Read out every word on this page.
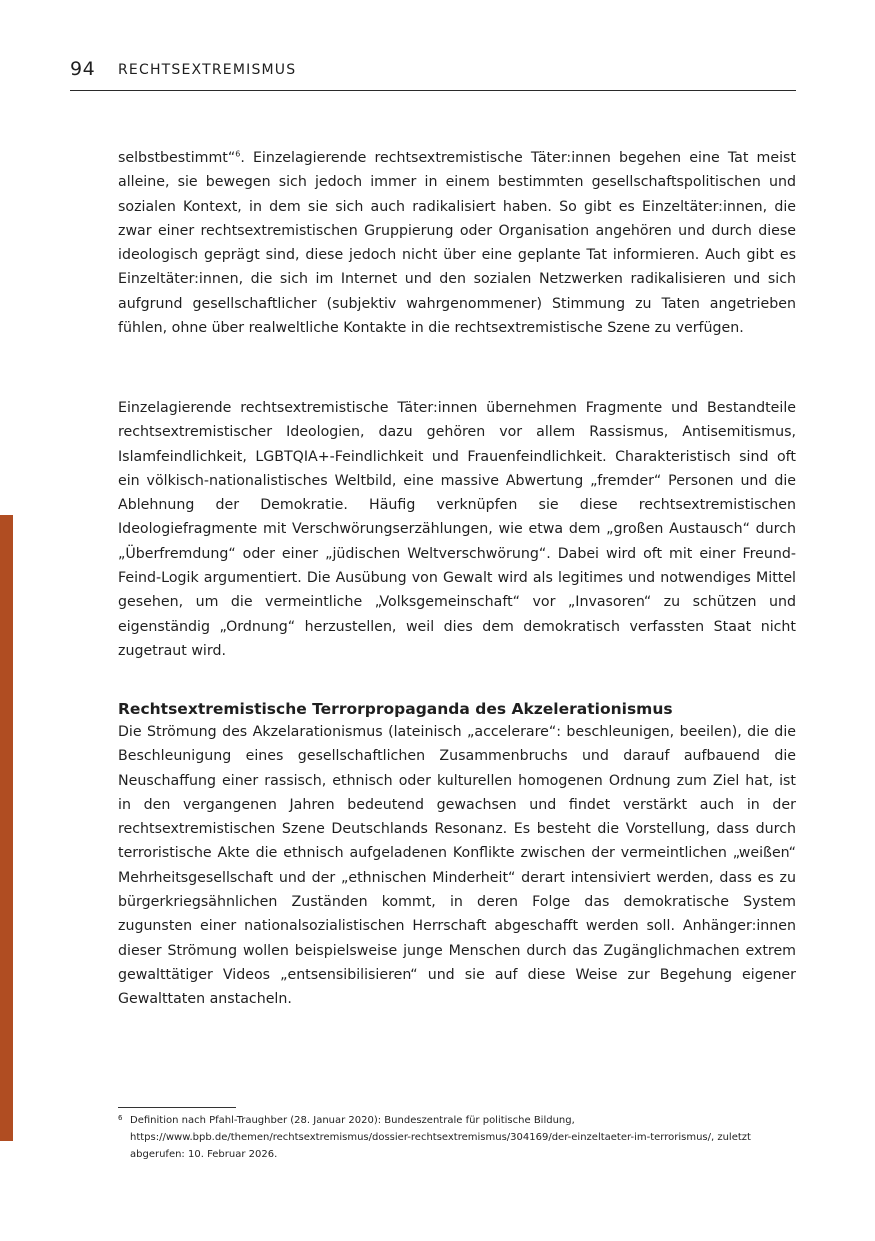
94 RECHTSEXTREMISMUS
selbstbestimmt“$^6$. Einzelagierende rechtsextremistische Täter:innen begehen eine Tat meist alleine, sie bewegen sich jedoch immer in einem bestimmten gesellschaftspolitischen und sozialen Kontext, in dem sie sich auch radikalisiert haben. So gibt es Einzeltäter:innen, die zwar einer rechtsextremistischen Gruppierung oder Organisation angehören und durch diese ideologisch geprägt sind, diese jedoch nicht über eine geplante Tat informieren. Auch gibt es Einzeltäter:innen, die sich im Internet und den sozialen Netzwerken radikalisieren und sich aufgrund gesellschaftlicher (subjektiv wahrgenommener) Stimmung zu Taten angetrieben fühlen, ohne über realweltliche Kontakte in die rechtsextremistische Szene zu verfügen.
Einzelagierende rechtsextremistische Täter:innen übernehmen Fragmente und Bestandteile rechtsextremistischer Ideologien, dazu gehören vor allem Rassismus, Antisemitismus, Islamfeindlichkeit, LGBTQIA+-Feindlichkeit und Frauenfeindlichkeit. Charakteristisch sind oft ein völkisch-nationalistisches Weltbild, eine massive Abwertung „fremder“ Personen und die Ablehnung der Demokratie. Häufig verknüpfen sie diese rechtsextremistischen Ideologiefragmente mit Verschwörungserzählungen, wie etwa dem „großen Austausch“ durch „Überfremdung“ oder einer „jüdischen Weltverschwörung“. Dabei wird oft mit einer Freund-Feind-Logik argumentiert. Die Ausübung von Gewalt wird als legitimes und notwendiges Mittel gesehen, um die vermeintliche „Volksgemeinschaft“ vor „Invasoren“ zu schützen und eigenständig „Ordnung“ herzustellen, weil dies dem demokratisch verfassten Staat nicht zugetraut wird.
Rechtsextremistische Terrorpropaganda des Akzelerationismus
Die Strömung des Akzelarationismus (lateinisch „accelerare“: beschleunigen, beeilen), die die Beschleunigung eines gesellschaftlichen Zusammenbruchs und darauf aufbauend die Neuschaffung einer rassisch, ethnisch oder kulturellen homogenen Ordnung zum Ziel hat, ist in den vergangenen Jahren bedeutend gewachsen und findet verstärkt auch in der rechtsextremistischen Szene Deutschlands Resonanz. Es besteht die Vorstellung, dass durch terroristische Akte die ethnisch aufgeladenen Konflikte zwischen der vermeintlichen „weißen“ Mehrheitsgesellschaft und der „ethnischen Minderheit“ derart intensiviert werden, dass es zu bürgerkriegsähnlichen Zuständen kommt, in deren Folge das demokratische System zugunsten einer nationalsozialistischen Herrschaft abgeschafft werden soll. Anhänger:innen dieser Strömung wollen beispielsweise junge Menschen durch das Zugänglichmachen extrem gewalttätiger Videos „entsensibilisieren“ und sie auf diese Weise zur Begehung eigener Gewalttaten anstacheln.
6 Definition nach Pfahl-Traughber (28. Januar 2020): Bundeszentrale für politische Bildung, https://www.bpb.de/themen/rechtsextremismus/dossier-rechtsextremismus/304169/der-einzeltaeter-im-terrorismus/, zuletzt abgerufen: 10. Februar 2026.
